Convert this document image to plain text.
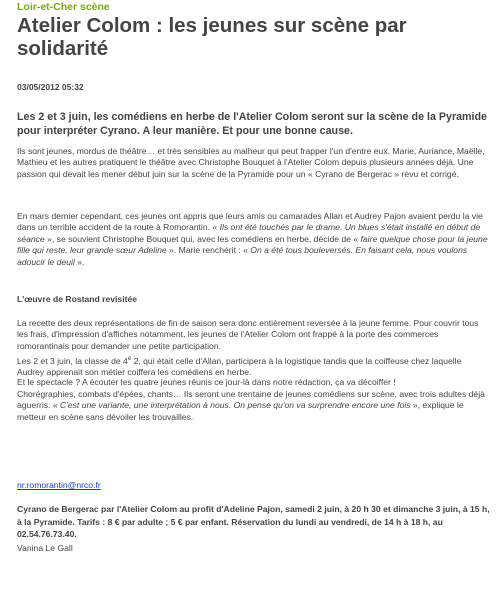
Loir-et-Cher scène
Atelier Colom : les jeunes sur scène par solidarité
03/05/2012 05:32
Les 2 et 3 juin, les comédiens en herbe de l'Atelier Colom seront sur la scène de la Pyramide pour interpréter Cyrano. A leur manière. Et pour une bonne cause.
Ils sont jeunes, mordus de théâtre… et très sensibles au malheur qui peut frapper l'un d'entre eux. Marie, Auriance, Maëlle, Mathieu et les autres pratiquent le théâtre avec Christophe Bouquet à l'Atelier Colom depuis plusieurs années déjà. Une passion qui devait les mener début juin sur la scène de la Pyramide pour un « Cyrano de Bergerac » revu et corrigé.
En mars dernier cependant, ces jeunes ont appris que leurs amis ou camarades Allan et Audrey Pajon avaient perdu la vie dans un terrible accident de la route à Romorantin. « Ils ont été touchés par le drame. Un blues s'était installé en début de séance », se souvient Christophe Bouquet qui, avec les comédiens en herbe, décide de « faire quelque chose pour la jeune fille qui reste, leur grande sœur Adeline ». Marie renchérit : « On a été tous bouleversés. En faisant cela, nous voulons adoucir le deuil ».
L'œuvre de Rostand revisitée
La recette des deux représentations de fin de saison sera donc entièrement reversée à la jeune femme. Pour couvrir tous les frais, d'impression d'affiches notamment, les jeunes de l'Atelier Colom ont frappé à la porte des commerces romorantinais pour demander une petite participation.
Les 2 et 3 juin, la classe de 4e 2, qui était celle d'Allan, participera à la logistique tandis que la coiffeuse chez laquelle Audrey apprenait son métier coiffera les comédiens en herbe.
Et le spectacle ? A écouter les quatre jeunes réunis ce jour-là dans notre rédaction, ça va décoiffer !
Chorégraphies, combats d'épées, chants… Ils seront une trentaine de jeunes comédiens sur scène, avec trois adultes déjà aguerris. « C'est une variante, une interprétation à nous. On pense qu'on va surprendre encore une fois », explique le metteur en scène sans dévoiler les trouvailles.
nr.romorantin@nrco.fr
Cyrano de Bergerac par l'Atelier Colom au profit d'Adeline Pajon, samedi 2 juin, à 20 h 30 et dimanche 3 juin, à 15 h, à la Pyramide. Tarifs : 8 € par adulte ; 5 € par enfant. Réservation du lundi au vendredi, de 14 h à 18 h, au 02.54.76.73.40.
Vanina Le Gall
